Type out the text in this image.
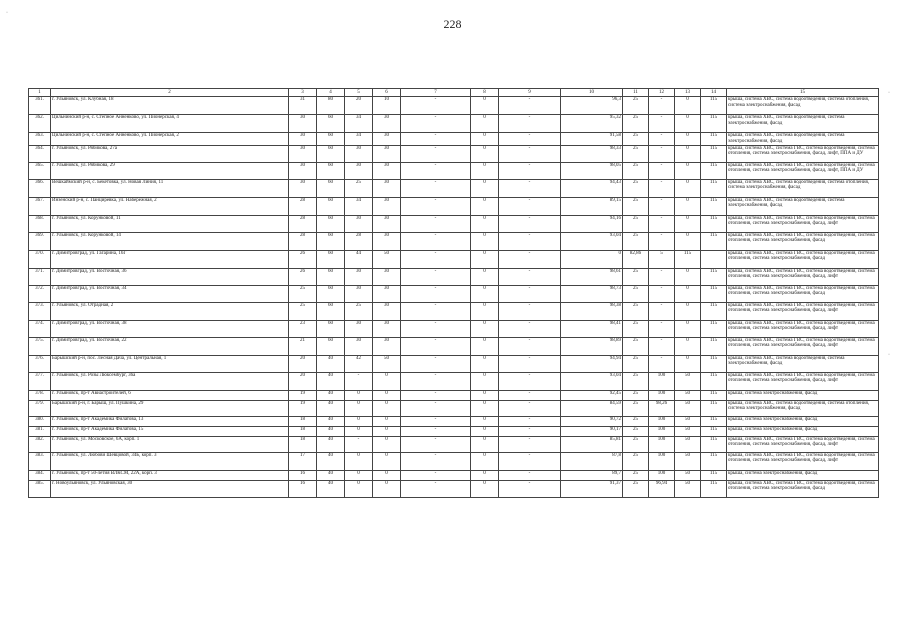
228
·
·
·
1	2	3	4	5	6	7	8	9	10	11	12	13	14	15
361.	г. Ульяновск, ул. Клубная, 18	31	80	20	10	-	0	-	96,3	25	-	0	115	крыша, система ХВС, система водоотведения, система отопления, система электроснабжения, фасад
362.	Цильнинский р-н, с. Степное Анненково, ул. Пионерская, 4	30	60	34	30	-	0	-	95,32	25	-	0	115	крыша, система ХВС, система водоотведения, система электроснабжения, фасад
363.	Цильнинский р-н, с. Степное Анненково, ул. Пионерская, 2	30	60	34	30	-	0	-	91,58	25	-	0	115	крыша, система ХВС, система водоотведения, система электроснабжения, фасад
364.	г. Ульяновск, ул. Рябикова, 27а	30	60	30	30	-	0	-	98,33	25	-	0	115	крыша, система ХВС, система ГВС, система водоотведения, система отопления, система электроснабжения, фасад, лифт, ППА и ДУ
365.	г. Ульяновск, ул. Рябикова, 29	30	60	30	30	-	0	-	98,05	25	-	0	115	крыша, система ХВС, система ГВС, система водоотведения, система отопления, система электроснабжения, фасад, лифт, ППА и ДУ
366.	Вешкаймский р-н, с. Бекетовка, ул. Новая Линия, 11	30	60	25	30	-	0	-	94,43	25	-	0	115	крыша, система ХВС, система водоотведения, система отопления, система электроснабжения, фасад
367.	Инзенский р-н, с. Панциревка, ул. Набережная, 2	28	60	34	30	-	0	-	89,15	25	-	0	115	крыша, система ХВС, система водоотведения, система электроснабжения, фасад
368.	г. Ульяновск, ул. Корунковой, 11	28	60	30	30	-	0	-	94,16	25	-	0	115	крыша, система ХВС, система ГВС, система водоотведения, система отопления, система электроснабжения, фасад, лифт
369.	г. Ульяновск, ул. Корунковой, 14	28	60	28	30	-	0	-	93,04	25	-	0	115	крыша, система ХВС, система ГВС, система водоотведения, система отопления, система электроснабжения, фасад
370.	г. Димитровград, ул. Гагарина, 16Г	26	60	44	50	-	0	-	0	82,86	5	115		крыша, система ХВС, система ГВС, система водоотведения, система отопления, система электроснабжения, фасад
371.	г. Димитровград, ул. Восточная, 36	26	60	30	30	-	0	-	98,61	25	-	0	115	крыша, система ХВС, система ГВС, система водоотведения, система отопления, система электроснабжения, фасад, лифт
372.	г. Димитровград, ул. Восточная, 34	25	60	30	30	-	0	-	98,73	25	-	0	115	крыша, система ХВС, система ГВС, система водоотведения, система отопления, система электроснабжения, фасад
373.	г. Ульяновск, ул. Отрадная, 2	25	60	25	30	-	0	-	98,38	25	-	0	115	крыша, система ХВС, система ГВС, система водоотведения, система отопления, система электроснабжения, фасад, лифт
374.	г. Димитровград, ул. Восточная, 38	23	60	30	30	-	0	-	98,41	25	-	0	115	крыша, система ХВС, система ГВС, система водоотведения, система отопления, система электроснабжения, фасад, лифт
375.	г. Димитровград, ул. Восточная, 22	21	60	30	30	-	0	-	98,89	25	-	0	115	крыша, система ХВС, система ГВС, система водоотведения, система отопления, система электроснабжения, фасад, лифт
376.	Барышский р-н, пос. Лесная Дача, ул. Центральная, 1	20	40	42	50	-	0	-	94,94	25	-	0	115	крыша, система ХВС, система водоотведения, система электроснабжения, фасад
377.	г. Ульяновск, ул. Розы Люксембург, 36а	20	40	-	0	-	0	-	93,04	25	100	50	115	крыша, система ХВС, система ГВС, система водоотведения, система отопления, система электроснабжения, фасад, лифт
378.	г. Ульяновск, пр-т Авиастроителей, 6	19	40	0	0	-	0	-	92,45	25	100	50	115	крыша, система электроснабжения, фасад
379.	Барышский р-н, г. Барыш, ул. Пушкина, 29	19	40	0	0	-	0	-	84,59	25	98,26	50	115	крыша, система ХВС, система водоотведения, система отопления, система электроснабжения, фасад
380.	г. Ульяновск, пр-т Академика Филатова, 13	18	40	0	0	-	0	-	90,72	25	100	50	115	крыша, система электроснабжения, фасад
381.	г. Ульяновск, пр-т Академика Филатова, 15	18	40	0	0	-	0	-	90,17	25	100	50	115	крыша, система электроснабжения, фасад
382.	г. Ульяновск, ул. Московское, 6А, корп. 1	18	40	-	0	-	0	-	85,81	25	100	50	115	крыша, система ХВС, система ГВС, система водоотведения, система отопления, система электроснабжения, фасад, лифт
383.	г. Ульяновск, ул. Любови Шевцовой, 34Б, корп. 3	17	40	0	0	-	0	-	87,8	25	100	50	115	крыша, система ХВС, система ГВС, система водоотведения, система отопления, система электроснабжения, фасад, лифт
384.	г. Ульяновск, пр-т 50-летия ВЛКСМ, 22А, корп. 3	16	40	0	0	-	0	-	89,7	25	100	50	115	крыша, система электроснабжения, фасад
385.	г. Новоульяновск, ул. Ульяновская, 30	16	40	0	0	-	0	-	91,37	25	96,94	50	115	крыша, система ХВС, система ГВС, система водоотведения, система отопления, система электроснабжения, фасад
